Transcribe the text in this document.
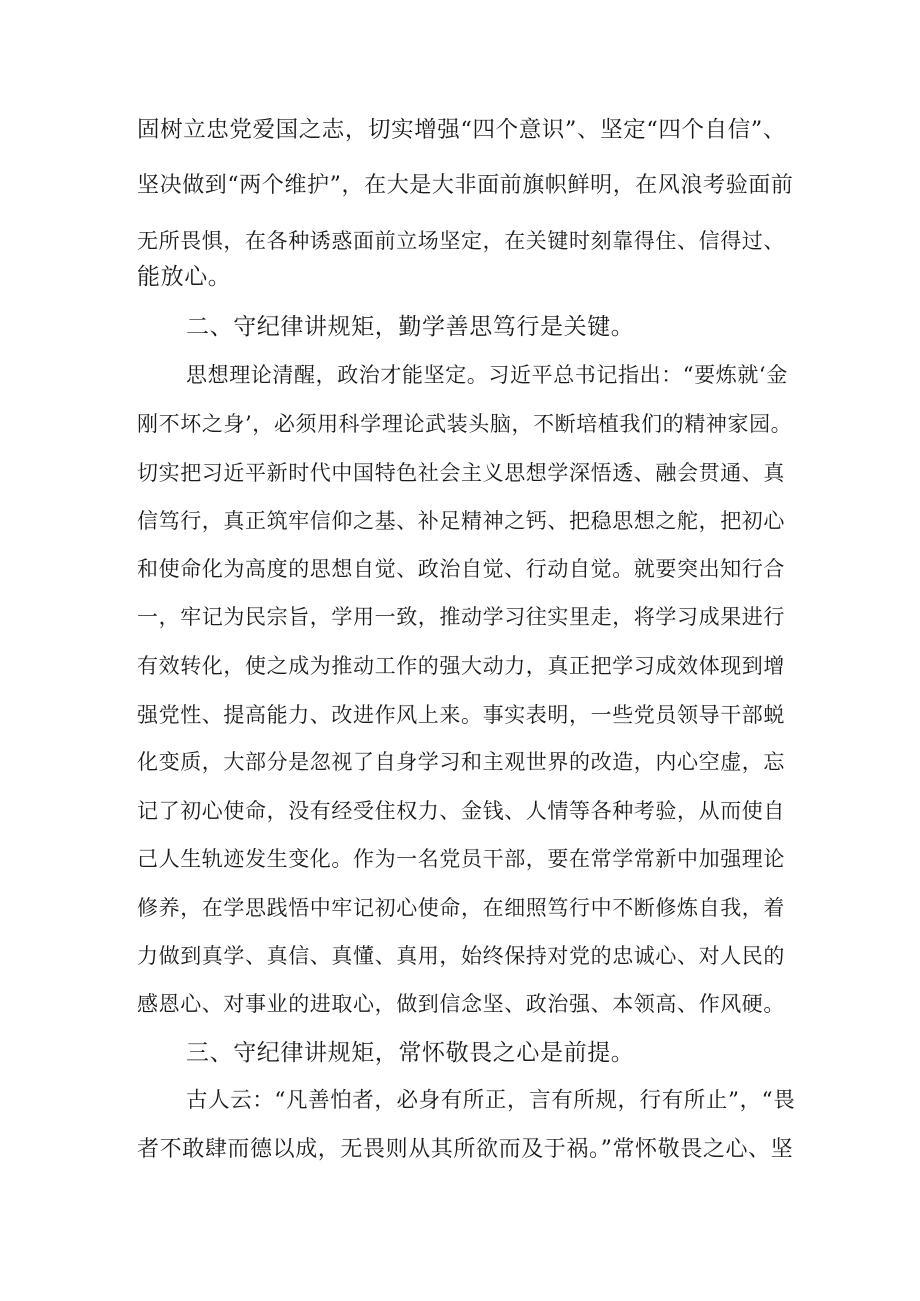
固树立忠党爱国之志，切实增强“四个意识”、坚定“四个自信”、
坚决做到“两个维护”，在大是大非面前旗帜鲜明，在风浪考验面前
无所畏惧，在各种诱惑面前立场坚定，在关键时刻靠得住、信得过、
能放心。
二、守纪律讲规矩，勤学善思笃行是关键。
思想理论清醒，政治才能坚定。习近平总书记指出：“要炼就‘金
刚不坏之身’，必须用科学理论武装头脑，不断培植我们的精神家园。
切实把习近平新时代中国特色社会主义思想学深悟透、融会贯通、真
信笃行，真正筑牢信仰之基、补足精神之钙、把稳思想之舵，把初心
和使命化为高度的思想自觉、政治自觉、行动自觉。就要突出知行合
一，牢记为民宗旨，学用一致，推动学习往实里走，将学习成果进行
有效转化，使之成为推动工作的强大动力，真正把学习成效体现到增
强党性、提高能力、改进作风上来。事实表明，一些党员领导干部蜕
化变质，大部分是忽视了自身学习和主观世界的改造，内心空虚，忘
记了初心使命，没有经受住权力、金钱、人情等各种考验，从而使自
己人生轨迹发生变化。作为一名党员干部，要在常学常新中加强理论
修养，在学思践悟中牢记初心使命，在细照笃行中不断修炼自我，着
力做到真学、真信、真懂、真用，始终保持对党的忠诚心、对人民的
感恩心、对事业的进取心，做到信念坚、政治强、本领高、作风硬。
三、守纪律讲规矩，常怀敬畏之心是前提。
古人云：“凡善怕者，必身有所正，言有所规，行有所止”，“畏
者不敢肆而德以成，无畏则从其所欲而及于祸。”常怀敬畏之心、坚
